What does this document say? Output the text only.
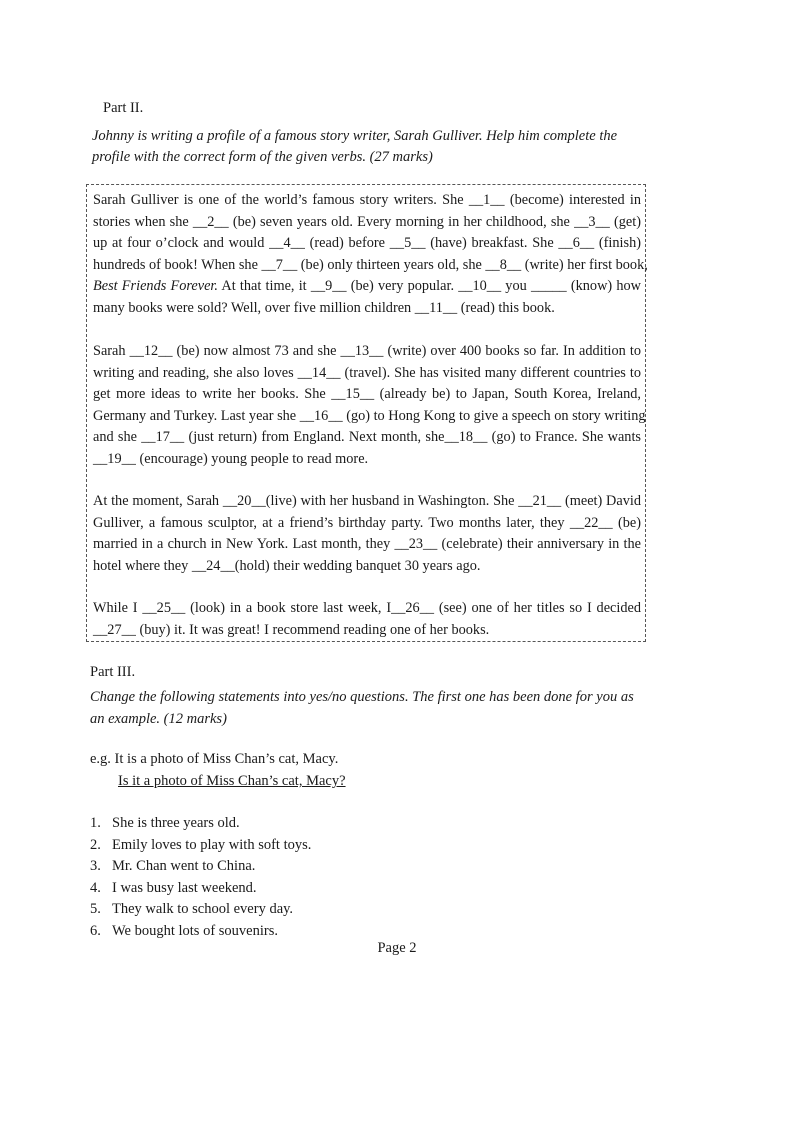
Part II.
Johnny is writing a profile of a famous story writer, Sarah Gulliver. Help him complete the
profile with the correct form of the given verbs. (27 marks)
Sarah Gulliver is one of the world’s famous story writers. She __1__ (become) interested in
stories when she __2__ (be) seven years old. Every morning in her childhood, she __3__ (get)
up at four o’clock and would __4__ (read) before __5__ (have) breakfast. She __6__ (finish)
hundreds of book! When she __7__ (be) only thirteen years old, she __8__ (write) her first book,
Best Friends Forever. At that time, it __9__ (be) very popular. __10__ you _____ (know) how
many books were sold? Well, over five million children __11__ (read) this book.
Sarah __12__ (be) now almost 73 and she __13__ (write) over 400 books so far. In addition to
writing and reading, she also loves __14__ (travel). She has visited many different countries to
get more ideas to write her books. She __15__ (already be) to Japan, South Korea, Ireland,
Germany and Turkey. Last year she __16__ (go) to Hong Kong to give a speech on story writing
and she __17__ (just return) from England. Next month, she__18__ (go) to France. She wants
__19__ (encourage) young people to read more.
At the moment, Sarah __20__(live) with her husband in Washington. She __21__ (meet) David
Gulliver, a famous sculptor, at a friend’s birthday party. Two months later, they __22__ (be)
married in a church in New York. Last month, they __23__ (celebrate) their anniversary in the
hotel where they __24__(hold) their wedding banquet 30 years ago.
While I __25__ (look) in a book store last week, I__26__ (see) one of her titles so I decided
__27__ (buy) it. It was great! I recommend reading one of her books.
Part III.
Change the following statements into yes/no questions. The first one has been done for you as
an example. (12 marks)
e.g. It is a photo of Miss Chan’s cat, Macy.
Is it a photo of Miss Chan’s cat, Macy?
1. She is three years old.
2. Emily loves to play with soft toys.
3. Mr. Chan went to China.
4. I was busy last weekend.
5. They walk to school every day.
6. We bought lots of souvenirs.
Page 2
